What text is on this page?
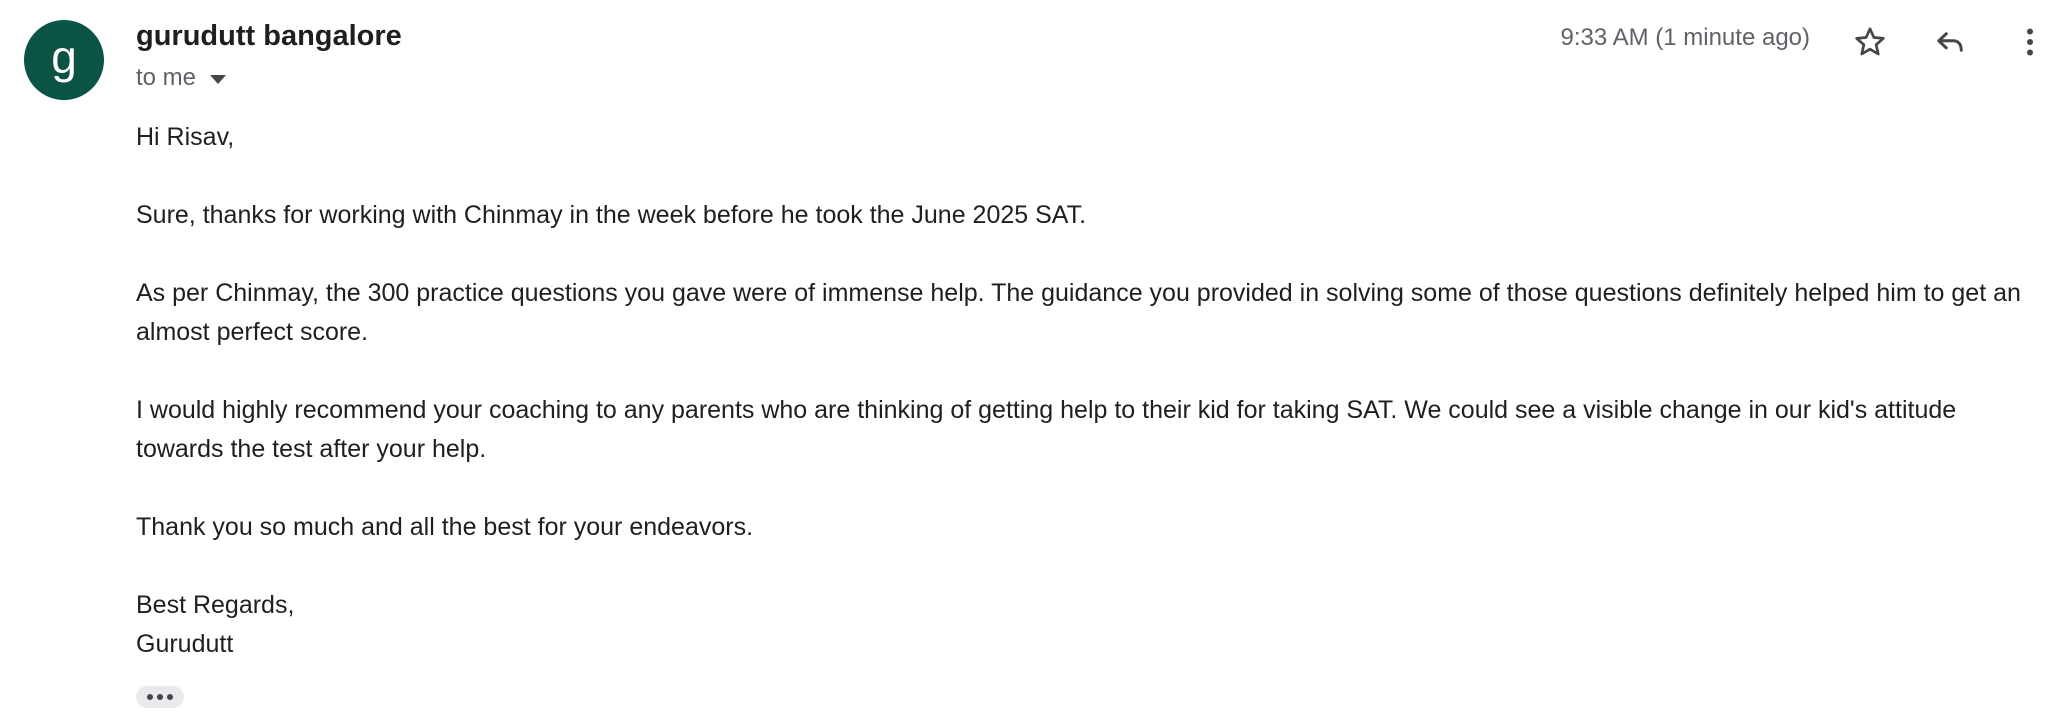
g gurudutt bangalore
to me
9:33 AM (1 minute ago)

Hi Risav,

Sure, thanks for working with Chinmay in the week before he took the June 2025 SAT.

As per Chinmay, the 300 practice questions you gave were of immense help. The guidance you provided in solving some of those questions definitely helped him to get an almost perfect score.

I would highly recommend your coaching to any parents who are thinking of getting help to their kid for taking SAT. We could see a visible change in our kid's attitude towards the test after your help.

Thank you so much and all the best for your endeavors.

Best Regards,

Gurudutt
